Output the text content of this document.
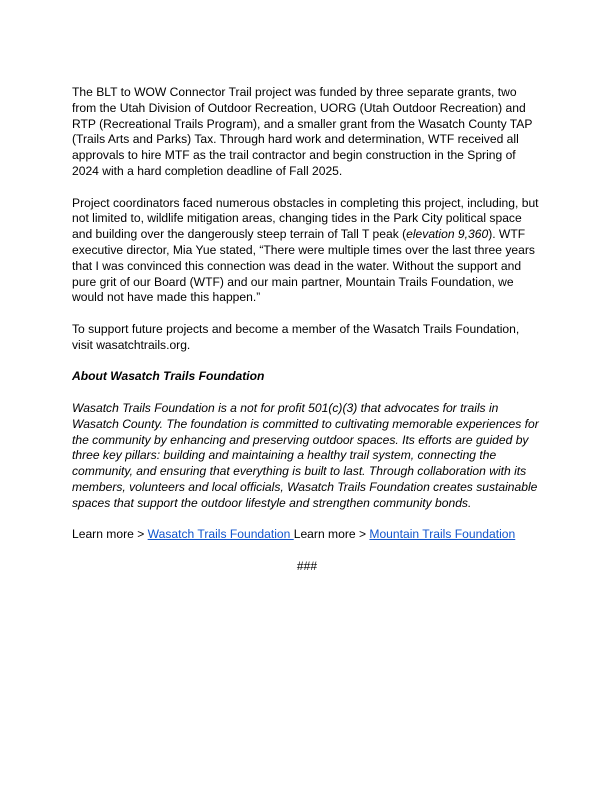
The BLT to WOW Connector Trail project was funded by three separate grants, two from the Utah Division of Outdoor Recreation, UORG (Utah Outdoor Recreation) and RTP (Recreational Trails Program), and a smaller grant from the Wasatch County TAP (Trails Arts and Parks) Tax. Through hard work and determination, WTF received all approvals to hire MTF as the trail contractor and begin construction in the Spring of 2024 with a hard completion deadline of Fall 2025.

Project coordinators faced numerous obstacles in completing this project, including, but not limited to, wildlife mitigation areas, changing tides in the Park City political space and building over the dangerously steep terrain of Tall T peak (elevation 9,360). WTF executive director, Mia Yue stated, “There were multiple times over the last three years that I was convinced this connection was dead in the water. Without the support and pure grit of our Board (WTF) and our main partner, Mountain Trails Foundation, we would not have made this happen.”

To support future projects and become a member of the Wasatch Trails Foundation, visit wasatchtrails.org.

About Wasatch Trails Foundation

Wasatch Trails Foundation is a not for profit 501(c)(3) that advocates for trails in Wasatch County. The foundation is committed to cultivating memorable experiences for the community by enhancing and preserving outdoor spaces. Its efforts are guided by three key pillars: building and maintaining a healthy trail system, connecting the community, and ensuring that everything is built to last. Through collaboration with its members, volunteers and local officials, Wasatch Trails Foundation creates sustainable spaces that support the outdoor lifestyle and strengthen community bonds.

Learn more > Wasatch Trails Foundation Learn more > Mountain Trails Foundation

###
